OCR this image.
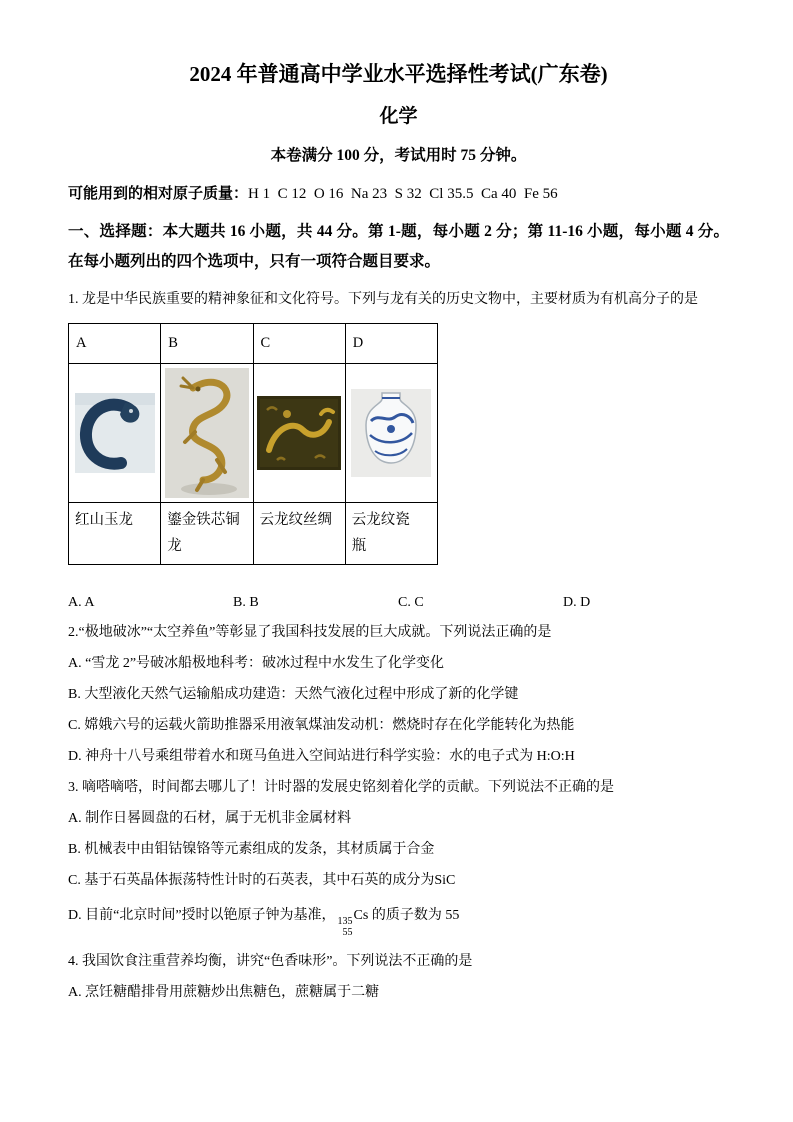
2024 年普通高中学业水平选择性考试(广东卷)
化学
本卷满分 100 分，考试用时 75 分钟。
可能用到的相对原子质量：H 1  C 12  O 16  Na 23  S 32  Cl 35.5  Ca 40  Fe 56
一、选择题：本大题共 16 小题，共 44 分。第 1-题，每小题 2 分；第 11-16 小题，每小题 4 分。在每小题列出的四个选项中，只有一项符合题目要求。
1. 龙是中华民族重要的精神象征和文化符号。下列与龙有关的历史文物中，主要材质为有机高分子的是
A	B	C	D

红山玉龙	鎏金铁芯铜龙	云龙纹丝绸	云龙纹瓷瓶
A. A	B. B	C. C	D. D
2.“极地破冰”“太空养鱼”等彰显了我国科技发展的巨大成就。下列说法正确的是
A. “雪龙 2”号破冰船极地科考：破冰过程中水发生了化学变化
B. 大型液化天然气运输船成功建造：天然气液化过程中形成了新的化学键
C. 嫦娥六号的运载火箭助推器采用液氧煤油发动机：燃烧时存在化学能转化为热能
D. 神舟十八号乘组带着水和斑马鱼进入空间站进行科学实验：水的电子式为 H:O:H
3. 嘀嗒嘀嗒，时间都去哪儿了！计时器的发展史铭刻着化学的贡献。下列说法不正确的是
A. 制作日晷圆盘的石材，属于无机非金属材料
B. 机械表中由钼钴镍铬等元素组成的发条，其材质属于合金
C. 基于石英晶体振荡特性计时的石英表，其中石英的成分为SiC
D. 目前“北京时间”授时以铯原子钟为基准， 135
55
Cs 的质子数为 55
4. 我国饮食注重营养均衡，讲究“色香味形”。下列说法不正确的是
A. 烹饪糖醋排骨用蔗糖炒出焦糖色，蔗糖属于二糖
